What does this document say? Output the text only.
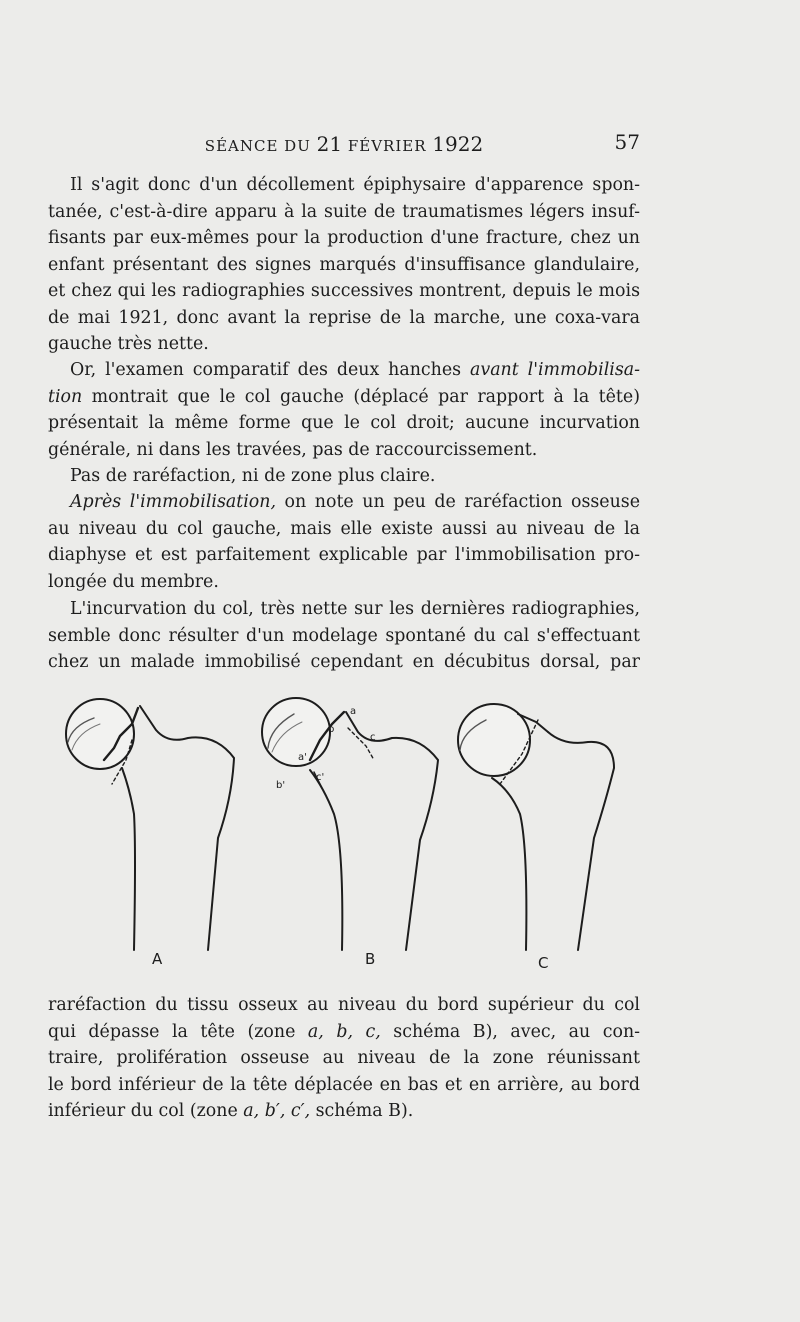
SÉANCE DU 21 FÉVRIER 1922	57
Il s'agit donc d'un décollement épiphysaire d'apparence spon-
tanée, c'est-à-dire apparu à la suite de traumatismes légers insuf-
fisants par eux-mêmes pour la production d'une fracture, chez un
enfant présentant des signes marqués d'insuffisance glandulaire,
et chez qui les radiographies successives montrent, depuis le mois
de mai 1921, donc avant la reprise de la marche, une coxa-vara
gauche très nette.
Or, l'examen comparatif des deux hanches avant l'immobilisa-
tion montrait que le col gauche (déplacé par rapport à la tête)
présentait la même forme que le col droit; aucune incurvation
générale, ni dans les travées, pas de raccourcissement.
Pas de raréfaction, ni de zone plus claire.
Après l'immobilisation, on note un peu de raréfaction osseuse
au niveau du col gauche, mais elle existe aussi au niveau de la
diaphyse et est parfaitement explicable par l'immobilisation pro-
longée du membre.
L'incurvation du col, très nette sur les dernières radiographies,
semble donc résulter d'un modelage spontané du cal s'effectuant
chez un malade immobilisé cependant en décubitus dorsal, par
A	B	C
a
b
c
a'
b'
c'
raréfaction du tissu osseux au niveau du bord supérieur du col
qui dépasse la tête (zone a, b, c, schéma B), avec, au con-
traire, prolifération osseuse au niveau de la zone réunissant
le bord inférieur de la tête déplacée en bas et en arrière, au bord
inférieur du col (zone a, b′, c′, schéma B).
